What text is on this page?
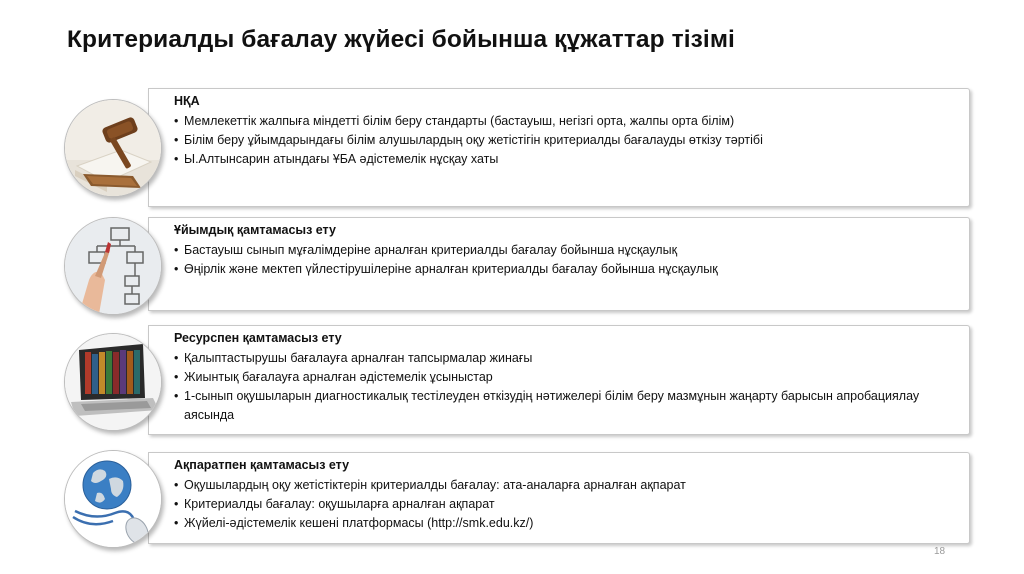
Критериалды бағалау жүйесі бойынша құжаттар тізімі
НҚА
• Мемлекеттік жалпыға міндетті білім беру стандарты (бастауыш, негізгі орта, жалпы орта білім)
• Білім беру ұйымдарындағы білім алушылардың оқу жетістігін критериалды бағалауды өткізу тәртібі
• Ы.Алтынсарин атындағы ҰБА әдістемелік нұсқау хаты
Ұйымдық қамтамасыз ету
• Бастауыш сынып мұғалімдеріне арналған критериалды бағалау бойынша нұсқаулық
• Өңірлік және мектеп үйлестірушілеріне арналған критериалды бағалау бойынша нұсқаулық
Ресурспен қамтамасыз ету
• Қалыптастырушы бағалауға арналған тапсырмалар жинағы
• Жиынтық бағалауға арналған әдістемелік ұсыныстар
• 1-сынып оқушыларын диагностикалық тестілеуден өткізудің нәтижелері білім беру мазмұнын жаңарту барысын апробациялау аясында
Ақпаратпен қамтамасыз ету
• Оқушылардың оқу жетістіктерін критериалды бағалау: ата-аналарға арналған ақпарат
• Критериалды бағалау: оқушыларға арналған ақпарат
• Жүйелі-әдістемелік кешені платформасы (http://smk.edu.kz/)
18
